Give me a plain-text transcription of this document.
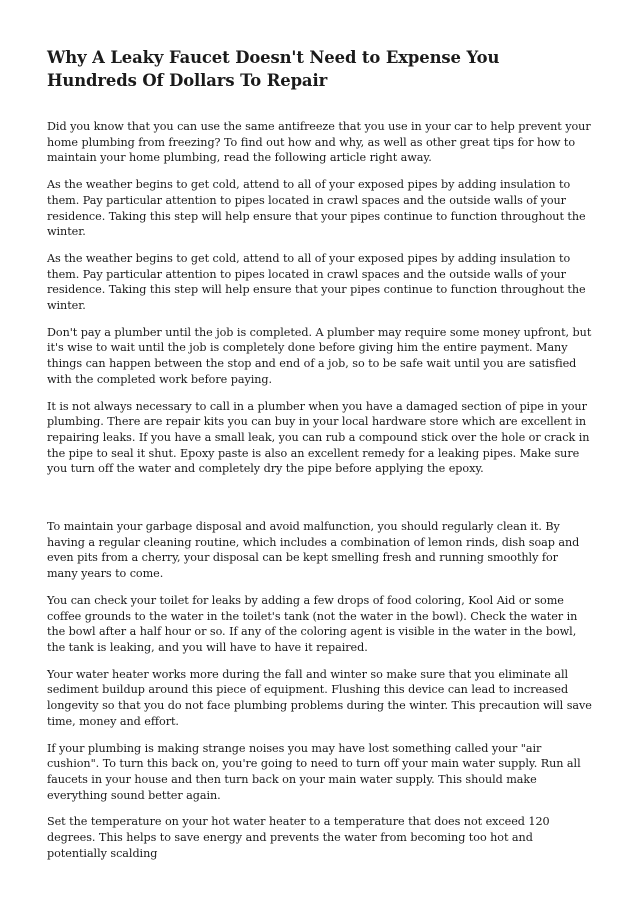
Why A Leaky Faucet Doesn't Need to Expense You Hundreds Of Dollars To Repair

Did you know that you can use the same antifreeze that you use in your car to help prevent your home plumbing from freezing? To find out how and why, as well as other great tips for how to maintain your home plumbing, read the following article right away.

As the weather begins to get cold, attend to all of your exposed pipes by adding insulation to them. Pay particular attention to pipes located in crawl spaces and the outside walls of your residence. Taking this step will help ensure that your pipes continue to function throughout the winter.

As the weather begins to get cold, attend to all of your exposed pipes by adding insulation to them. Pay particular attention to pipes located in crawl spaces and the outside walls of your residence. Taking this step will help ensure that your pipes continue to function throughout the winter.

Don't pay a plumber until the job is completed. A plumber may require some money upfront, but it's wise to wait until the job is completely done before giving him the entire payment. Many things can happen between the stop and end of a job, so to be safe wait until you are satisfied with the completed work before paying.

It is not always necessary to call in a plumber when you have a damaged section of pipe in your plumbing. There are repair kits you can buy in your local hardware store which are excellent in repairing leaks. If you have a small leak, you can rub a compound stick over the hole or crack in the pipe to seal it shut. Epoxy paste is also an excellent remedy for a leaking pipes. Make sure you turn off the water and completely dry the pipe before applying the epoxy.

To maintain your garbage disposal and avoid malfunction, you should regularly clean it. By having a regular cleaning routine, which includes a combination of lemon rinds, dish soap and even pits from a cherry, your disposal can be kept smelling fresh and running smoothly for many years to come.

You can check your toilet for leaks by adding a few drops of food coloring, Kool Aid or some coffee grounds to the water in the toilet's tank (not the water in the bowl). Check the water in the bowl after a half hour or so. If any of the coloring agent is visible in the water in the bowl, the tank is leaking, and you will have to have it repaired.

Your water heater works more during the fall and winter so make sure that you eliminate all sediment buildup around this piece of equipment. Flushing this device can lead to increased longevity so that you do not face plumbing problems during the winter. This precaution will save time, money and effort.

If your plumbing is making strange noises you may have lost something called your "air cushion". To turn this back on, you're going to need to turn off your main water supply. Run all faucets in your house and then turn back on your main water supply. This should make everything sound better again.

Set the temperature on your hot water heater to a temperature that does not exceed 120 degrees. This helps to save energy and prevents the water from becoming too hot and potentially scalding
